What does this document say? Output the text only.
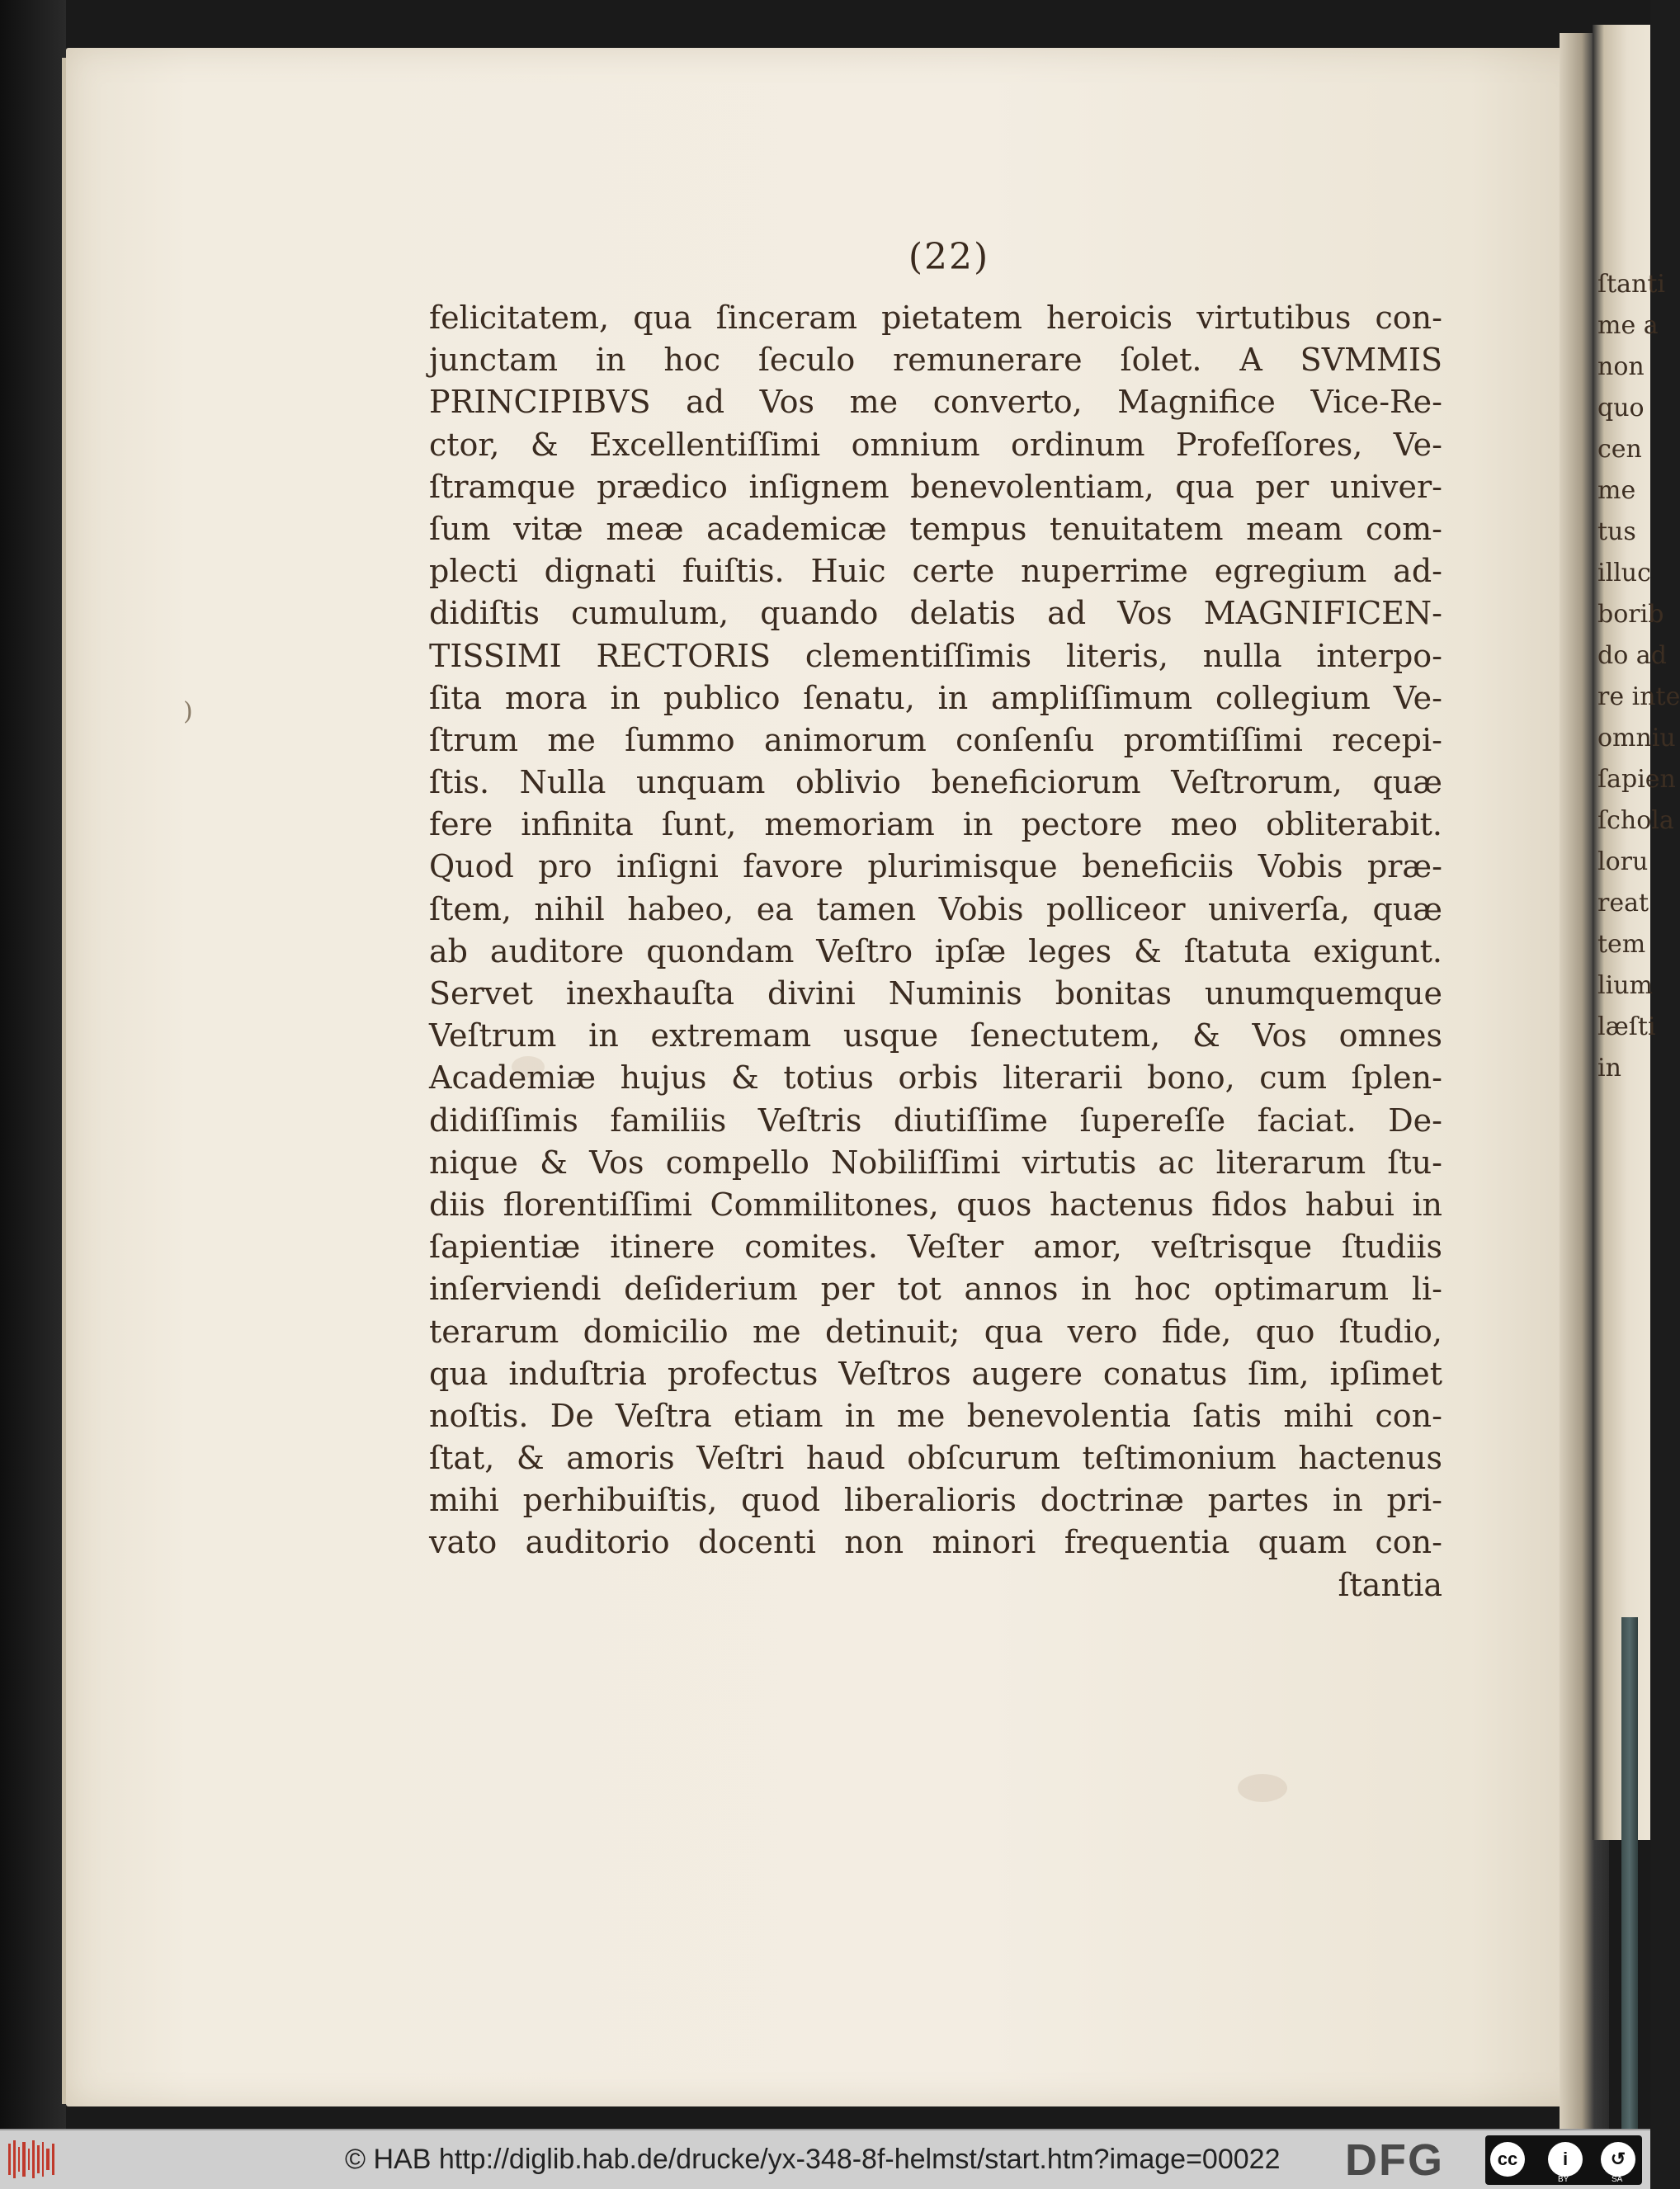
ſtanti
me a
non
quo
cen
me
tus
illuc
borib
do ad
re inte
omniu
ſapien
ſchola
loru
reat
tem
lium
læſti
in
)
(22)
felicitatem, qua ſinceram pietatem heroicis virtutibus con-
junctam in hoc ſeculo remunerare ſolet. A SVMMIS
PRINCIPIBVS ad Vos me converto, Magnifice Vice-Re-
ctor, & Excellentiſſimi omnium ordinum Profeſſores, Ve-
ſtramque prædico inſignem benevolentiam, qua per univer-
ſum vitæ meæ academicæ tempus tenuitatem meam com-
plecti dignati fuiſtis. Huic certe nuperrime egregium ad-
didiſtis cumulum, quando delatis ad Vos MAGNIFICEN-
TISSIMI RECTORIS clementiſſimis literis, nulla interpo-
ſita mora in publico ſenatu, in ampliſſimum collegium Ve-
ſtrum me ſummo animorum conſenſu promtiſſimi recepi-
ſtis. Nulla unquam oblivio beneficiorum Veſtrorum, quæ
fere infinita ſunt, memoriam in pectore meo obliterabit.
Quod pro inſigni favore plurimisque beneficiis Vobis præ-
ſtem, nihil habeo, ea tamen Vobis polliceor univerſa, quæ
ab auditore quondam Veſtro ipſæ leges & ſtatuta exigunt.
Servet inexhauſta divini Numinis bonitas unumquemque
Veſtrum in extremam usque ſenectutem, & Vos omnes
Academiæ hujus & totius orbis literarii bono, cum ſplen-
didiſſimis familiis Veſtris diutiſſime ſupereſſe faciat. De-
nique & Vos compello Nobiliſſimi virtutis ac literarum ſtu-
diis florentiſſimi Commilitones, quos hactenus fidos habui in
ſapientiæ itinere comites. Veſter amor, veſtrisque ſtudiis
inſerviendi deſiderium per tot annos in hoc optimarum li-
terarum domicilio me detinuit; qua vero fide, quo ſtudio,
qua induſtria profectus Veſtros augere conatus ſim, ipſimet
noſtis. De Veſtra etiam in me benevolentia ſatis mihi con-
ſtat, & amoris Veſtri haud obſcurum teſtimonium hactenus
mihi perhibuiſtis, quod liberalioris doctrinæ partes in pri-
vato auditorio docenti non minori frequentia quam con-
ſtantia
© HAB http://diglib.hab.de/drucke/yx-348-8f-helmst/start.htm?image=00022 DFG	cc	i	↺
BY	SA
